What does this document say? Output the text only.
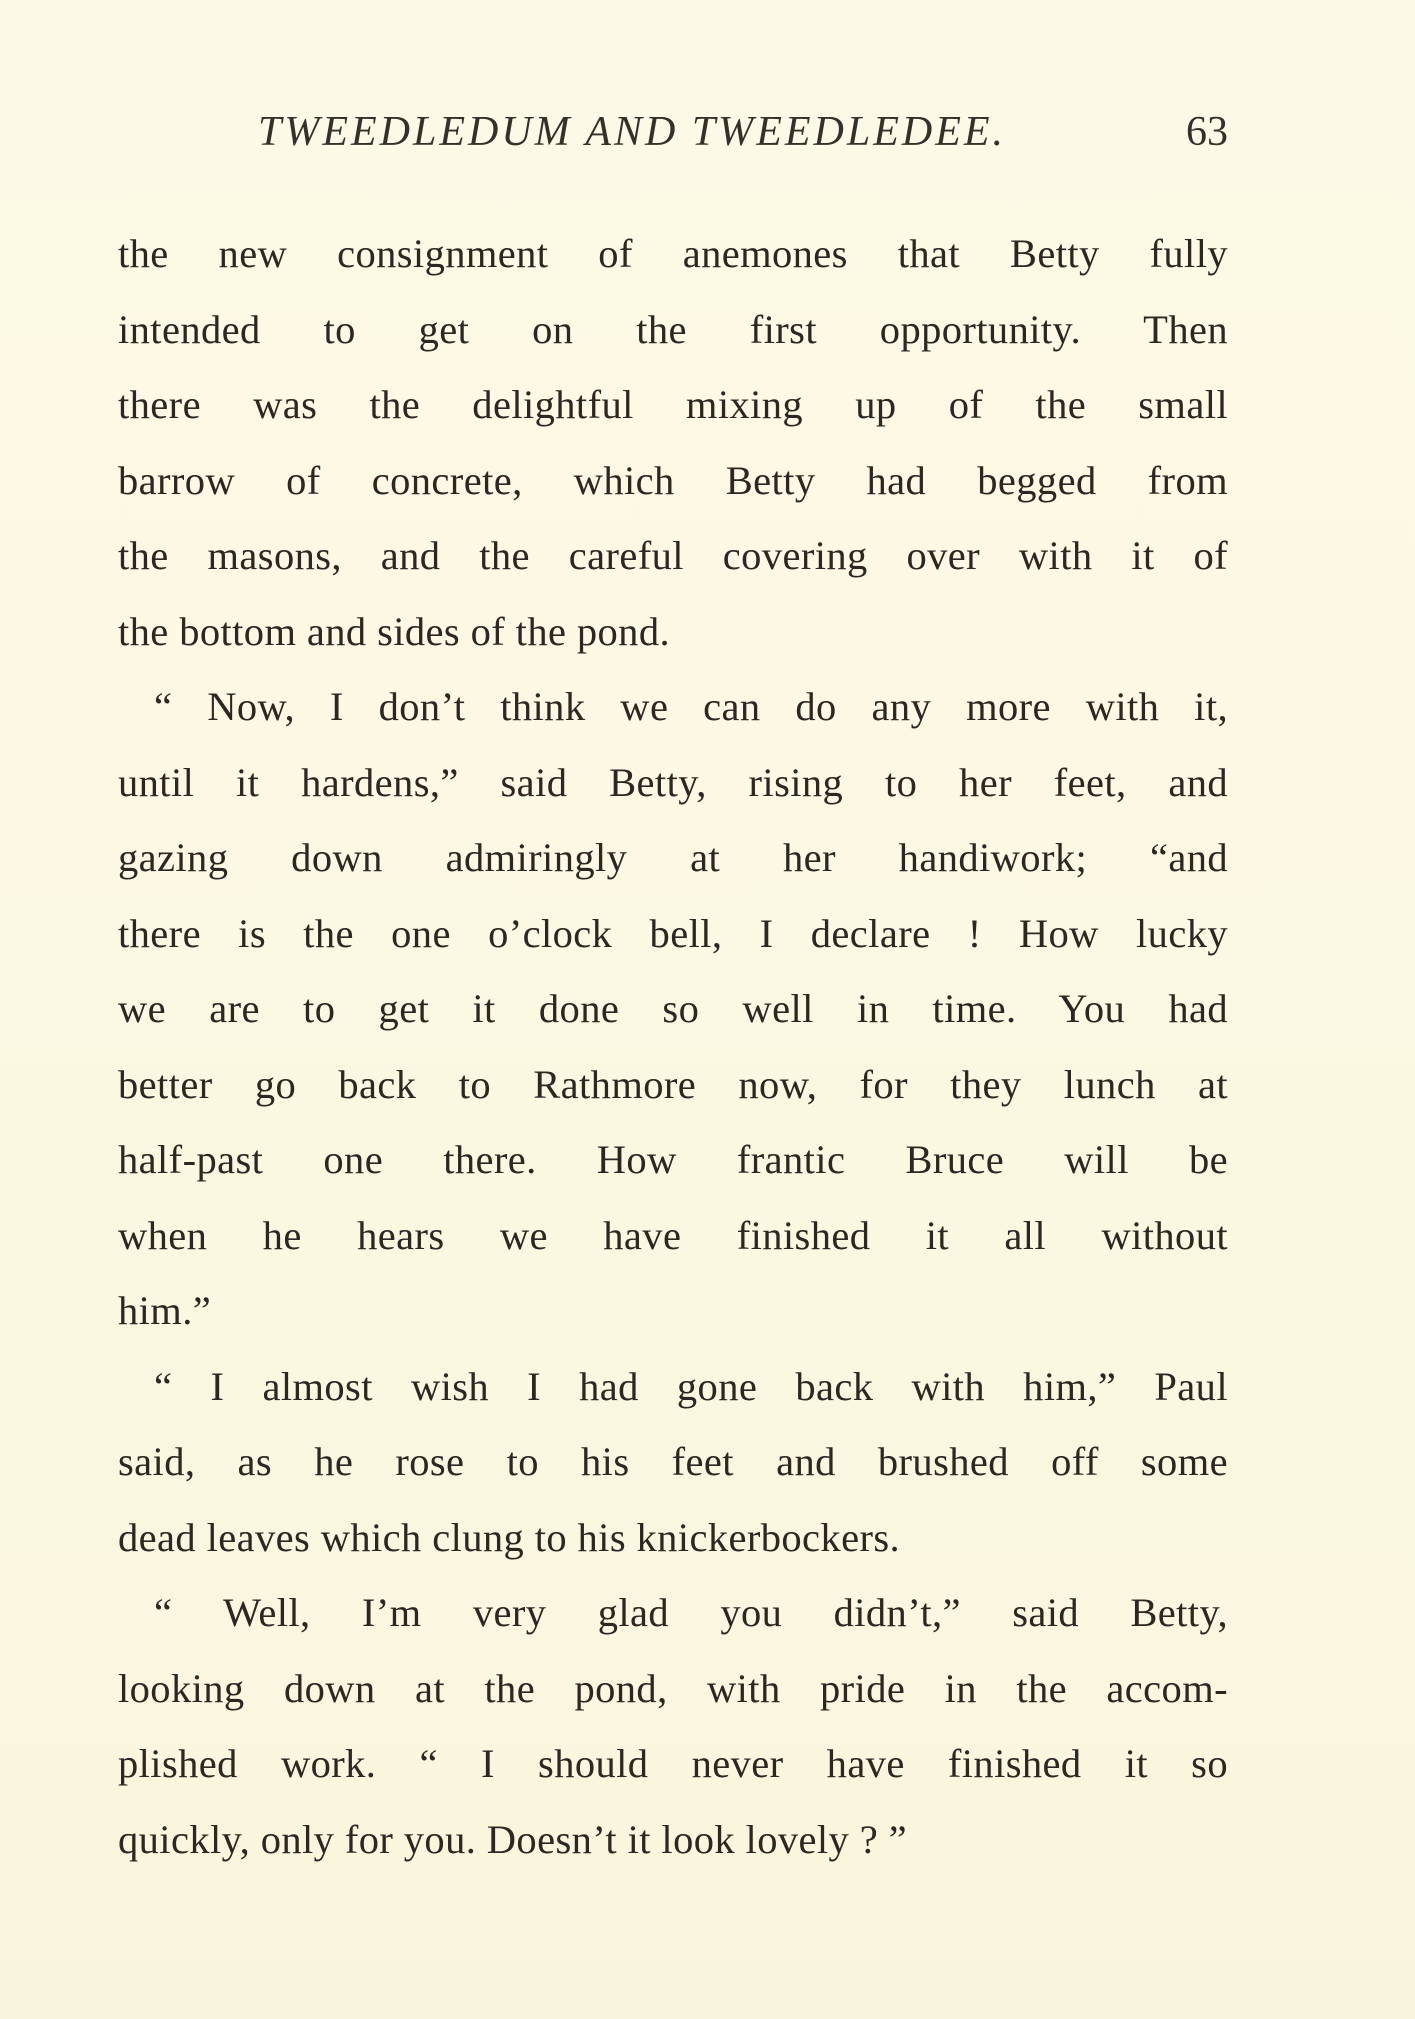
TWEEDLEDUM AND TWEEDLEDEE.	63
the new consignment of anemones that Betty fully
intended to get on the first opportunity. Then
there was the delightful mixing up of the small
barrow of concrete, which Betty had begged from
the masons, and the careful covering over with it of
the bottom and sides of the pond.
“ Now, I don’t think we can do any more with it,
until it hardens,” said Betty, rising to her feet, and
gazing down admiringly at her handiwork; “and
there is the one o’clock bell, I declare ! How lucky
we are to get it done so well in time. You had
better go back to Rathmore now, for they lunch at
half-past one there. How frantic Bruce will be
when he hears we have finished it all without
him.”
“ I almost wish I had gone back with him,” Paul
said, as he rose to his feet and brushed off some
dead leaves which clung to his knickerbockers.
“ Well, I’m very glad you didn’t,” said Betty,
looking down at the pond, with pride in the accom-
plished work. “ I should never have finished it so
quickly, only for you. Doesn’t it look lovely ? ”
